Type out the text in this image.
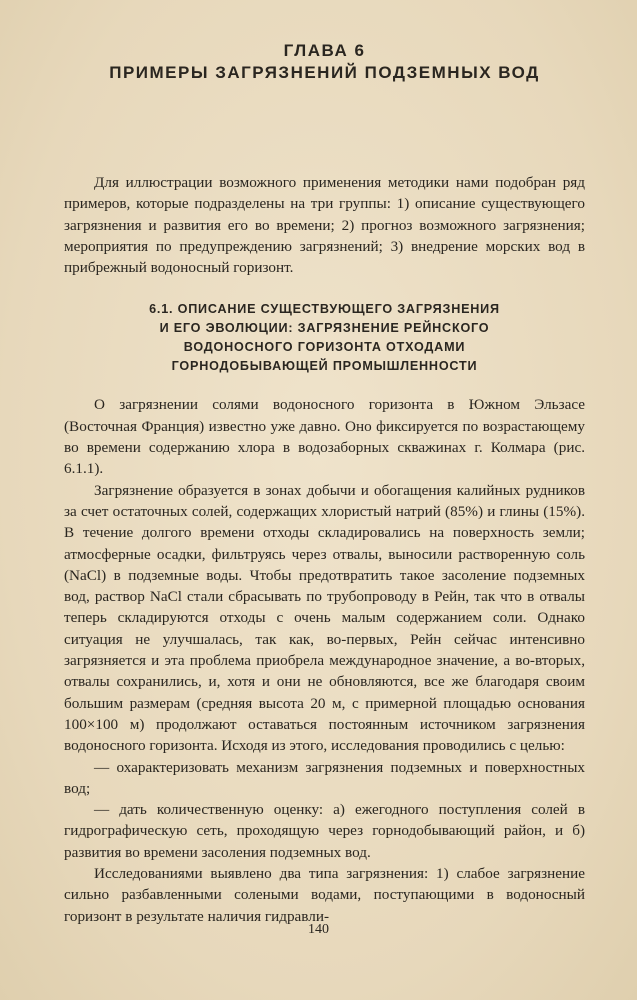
ГЛАВА 6
ПРИМЕРЫ ЗАГРЯЗНЕНИЙ ПОДЗЕМНЫХ ВОД

Для иллюстрации возможного применения методики нами подобран ряд примеров, которые подразделены на три группы: 1) описание существующего загрязнения и развития его во времени; 2) прогноз возможного загрязнения; мероприятия по предупреждению загрязнений; 3) внедрение морских вод в прибрежный водоносный горизонт.

6.1. ОПИСАНИЕ СУЩЕСТВУЮЩЕГО ЗАГРЯЗНЕНИЯ
И ЕГО ЭВОЛЮЦИИ: ЗАГРЯЗНЕНИЕ РЕЙНСКОГО
ВОДОНОСНОГО ГОРИЗОНТА ОТХОДАМИ
ГОРНОДОБЫВАЮЩЕЙ ПРОМЫШЛЕННОСТИ

О загрязнении солями водоносного горизонта в Южном Эльзасе (Восточная Франция) известно уже давно. Оно фиксируется по возрастающему во времени содержанию хлора в водозаборных скважинах г. Колмара (рис. 6.1.1).

Загрязнение образуется в зонах добычи и обогащения калийных рудников за счет остаточных солей, содержащих хлористый натрий (85%) и глины (15%). В течение долгого времени отходы складировались на поверхность земли; атмосферные осадки, фильтруясь через отвалы, выносили растворенную соль (NaCl) в подземные воды. Чтобы предотвратить такое засоление подземных вод, раствор NaCl стали сбрасывать по трубопроводу в Рейн, так что в отвалы теперь складируются отходы с очень малым содержанием соли. Однако ситуация не улучшалась, так как, во-первых, Рейн сейчас интенсивно загрязняется и эта проблема приобрела международное значение, а во-вторых, отвалы сохранились, и, хотя и они не обновляются, все же благодаря своим большим размерам (средняя высота 20 м, с примерной площадью основания 100×100 м) продолжают оставаться постоянным источником загрязнения водоносного горизонта. Исходя из этого, исследования проводились с целью:

— охарактеризовать механизм загрязнения подземных и поверхностных вод;

— дать количественную оценку: а) ежегодного поступления солей в гидрографическую сеть, проходящую через горнодобывающий район, и б) развития во времени засоления подземных вод.

Исследованиями выявлено два типа загрязнения: 1) слабое загрязнение сильно разбавленными солеными водами, поступающими в водоносный горизонт в результате наличия гидравли-

140
